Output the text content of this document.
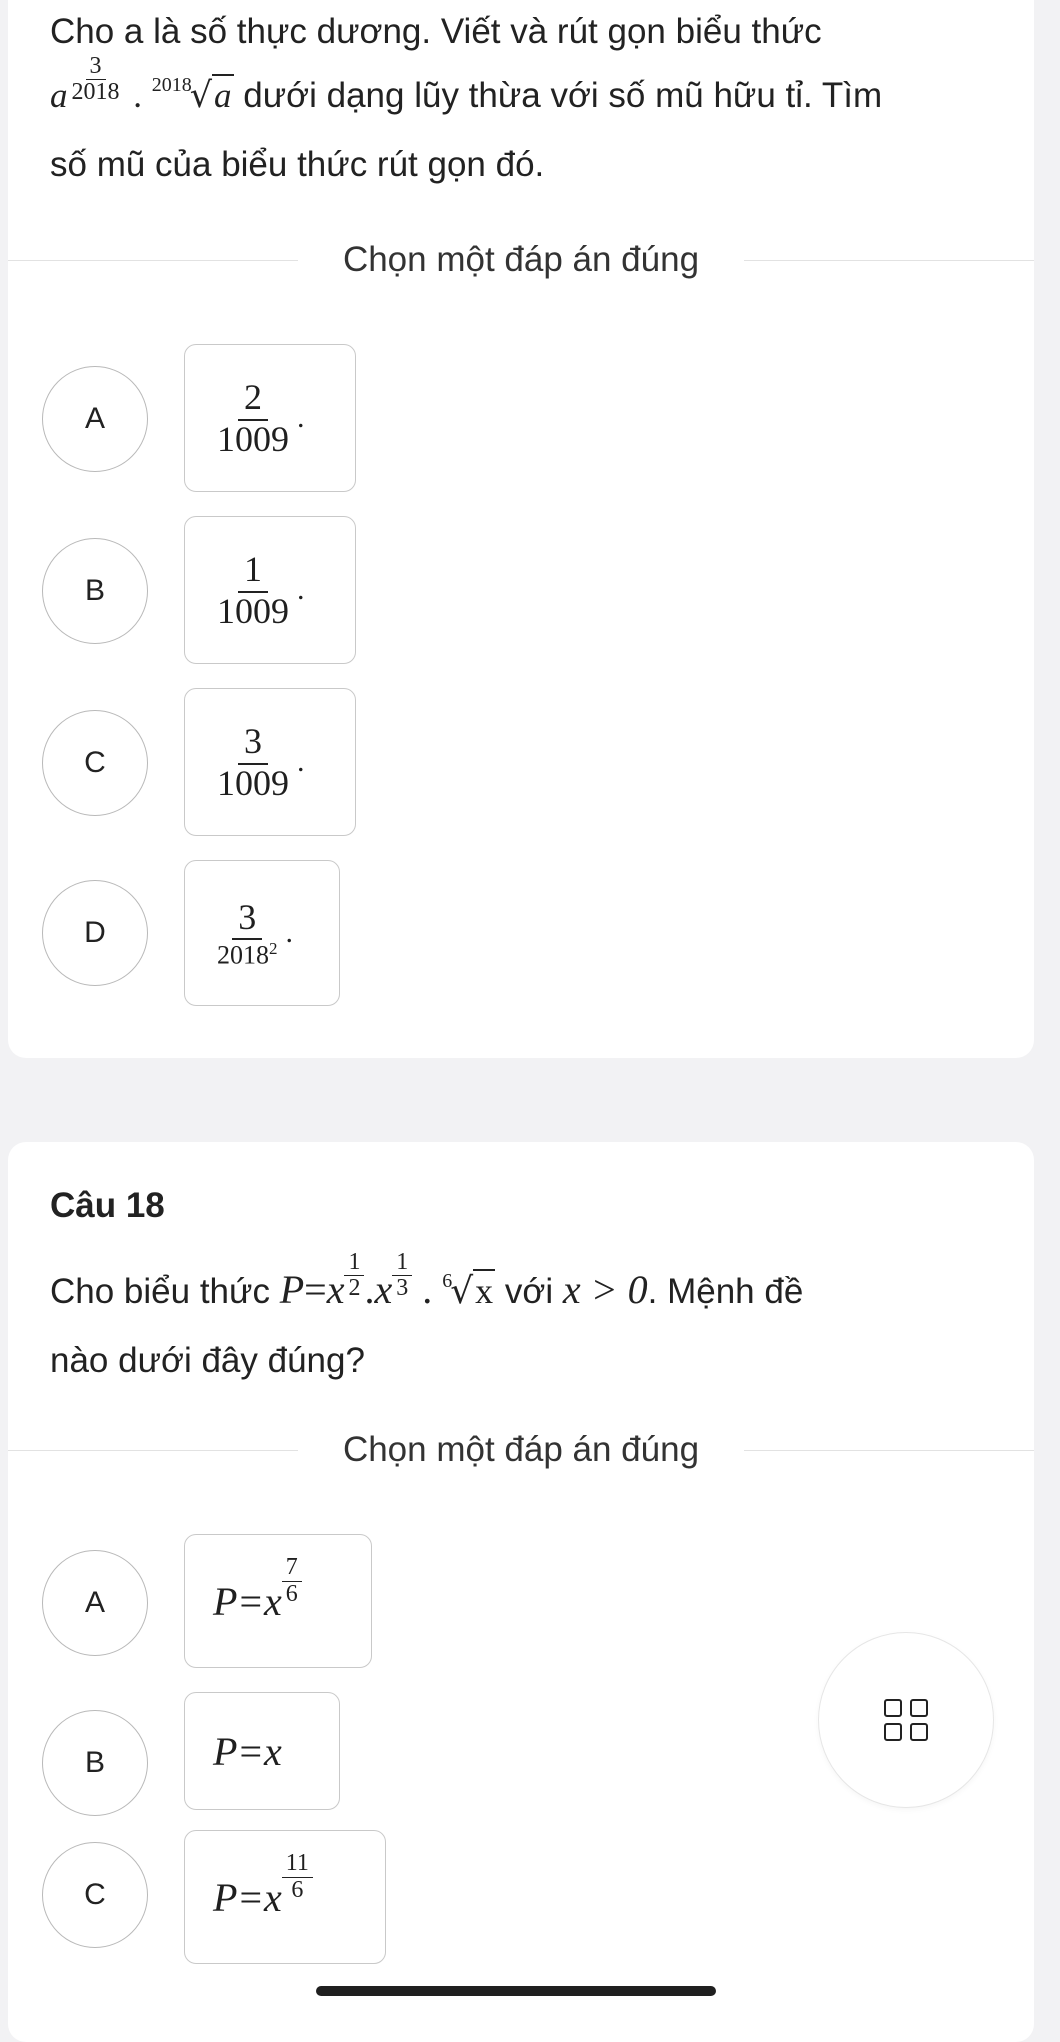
Cho a là số thực dương. Viết và rút gọn biểu thức
a $\frac{3}{2018}$ . $^{2018}$√a dưới dạng lũy thừa với số mũ hữu tỉ. Tìm
số mũ của biểu thức rút gọn đó.
Chọn một đáp án đúng
A	$\frac{2}{1009}$ .
B	$\frac{1}{1009}$ .
C	$\frac{3}{1009}$ .
D	$\frac{3}{2018^2}$ .
Câu 18
Cho biểu thức $P=x \frac{1}{2} .x \frac{1}{3}$ . $^6$√x với x > 0. Mệnh đề
nào dưới đây đúng?
Chọn một đáp án đúng
A	$P=x \frac{7}{6}$
B	P=x
C	$P=x \frac{11}{6}$
